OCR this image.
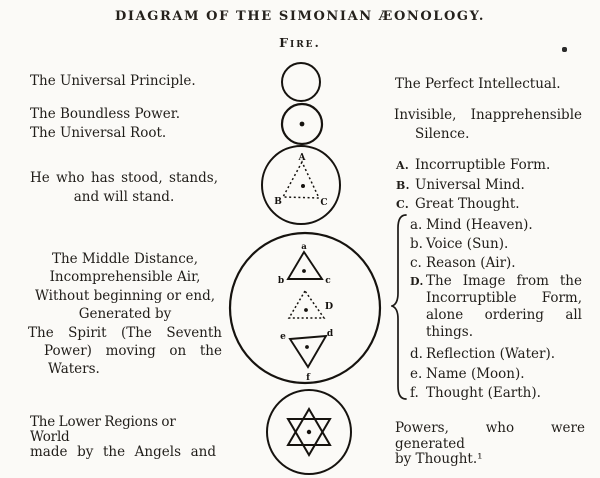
DIAGRAM OF THE SIMONIAN ÆONOLOGY.
Fire.
The Universal Principle.
The Boundless Power.
The Universal Root.
He who has stood, stands,
and will stand.
The Middle Distance,
Incomprehensible Air,
Without beginning or end,
Generated by
The Spirit (The Seventh
Power) moving on the
Waters.
The Lower Regions or World
made by the Angels and
The Perfect Intellectual.
Invisible, Inapprehensible
Silence.
A. Incorruptible Form.
B. Universal Mind.
C. Great Thought.
a. Mind (Heaven).
b. Voice (Sun).
c. Reason (Air).
D. The Image from the
Incorruptible Form,
alone ordering all
things.
d. Reflection (Water).
e. Name (Moon).
f. Thought (Earth).
Powers, who were generated
by Thought.¹
A
B	C
a
b	c
D
e	d
f
